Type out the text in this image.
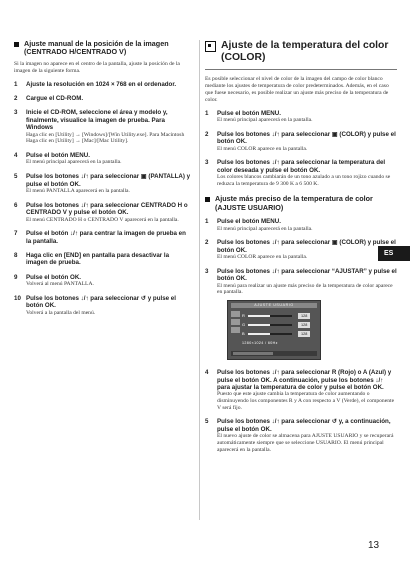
Ajuste manual de la posición de la imagen (CENTRADO H/CENTRADO V)

Si la imagen no aparece en el centro de la pantalla, ajuste la posición de la imagen de la siguiente forma.

1	Ajuste la resolución en 1024 × 768 en el ordenador.
2	Cargue el CD-ROM.
3	Inicie el CD-ROM, seleccione el área y modelo y, finalmente, visualice la imagen de prueba. Para Windows
Haga clic en [Utility] → [Windows]/[Win Utility.exe]. Para Macintosh Haga clic en [Utility] → [Mac]/[Mac Utility].
4	Pulse el botón MENU.
El menú principal aparecerá en la pantalla.
5	Pulse los botones ↓/↑ para seleccionar ▣ (PANTALLA) y pulse el botón OK.
El menú PANTALLA aparecerá en la pantalla.
6	Pulse los botones ↓/↑ para seleccionar CENTRADO H o CENTRADO V y pulse el botón OK.
El menú CENTRADO H o CENTRADO V aparecerá en la pantalla.
7	Pulse el botón ↓/↑ para centrar la imagen de prueba en la pantalla.
8	Haga clic en [END] en pantalla para desactivar la imagen de prueba.
9	Pulse el botón OK.
Volverá al menú PANTALLA.
10 Pulse los botones ↓/↑ para seleccionar ↺ y pulse el botón OK.
Volverá a la pantalla del menú.
Ajuste de la temperatura del color (COLOR)

Es posible seleccionar el nivel de color de la imagen del campo de color blanco mediante los ajustes de temperatura de color predeterminados. Además, en el caso que fuese necesario, es posible realizar un ajuste más preciso de la temperatura de color.

1	Pulse el botón MENU.
El menú principal aparecerá en la pantalla.
2	Pulse los botones ↓/↑ para seleccionar ▣ (COLOR) y pulse el botón OK.
El menú COLOR aparece en la pantalla.
3	Pulse los botones ↓/↑ para seleccionar la temperatura del color deseada y pulse el botón OK.
Los colores blancos cambiarán de un tono azulado a un tono rojizo cuando se reduzca la temperatura de 9 300 K a 6 500 K.
Ajuste más preciso de la temperatura de color (AJUSTE USUARIO)
1	Pulse el botón MENU.
El menú principal aparecerá en la pantalla.
2	Pulse los botones ↓/↑ para seleccionar ▣ (COLOR) y pulse el botón OK.
El menú COLOR aparece en la pantalla.
3	Pulse los botones ↓/↑ para seleccionar “AJUSTAR” y pulse el botón OK.
El menú para realizar un ajuste más preciso de la temperatura de color aparece en pantalla.
AJUSTE USUARIO
R	128
G	128
B	128
1280×1024 / 60Hz
4	Pulse los botones ↓/↑ para seleccionar R (Rojo) o A (Azul) y pulse el botón OK. A continuación, pulse los botones ↓/↑ para ajustar la temperatura de color y pulse el botón OK.
Puesto que este ajuste cambia la temperatura de color aumentando o disminuyendo los componentes R y A con respecto a V (Verde), el componente V será fijo.
5	Pulse los botones ↓/↑ para seleccionar ↺ y, a continuación, pulse el botón OK.
El nuevo ajuste de color se almacena para AJUSTE USUARIO y se recuperará automáticamente siempre que se seleccione USUARIO. El menú principal aparecerá en la pantalla.
ES
13
